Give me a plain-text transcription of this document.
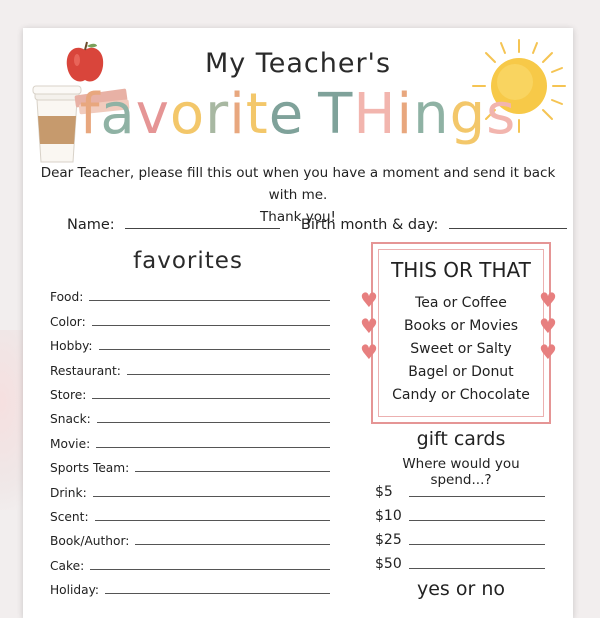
My Teacher's
favorite THings
Dear Teacher, please fill this out when you have a moment and send it back with me.
Thank you!
Name:	Birth month & day:
favorites
Food:
Color:
Hobby:
Restaurant:
Store:
Snack:
Movie:
Sports Team:
Drink:
Scent:
Book/Author:
Cake:
Holiday:
THIS OR THAT
Tea or Coffee
Books or Movies
Sweet or Salty
Bagel or Donut
Candy or Chocolate
♥
♥
♥
♥
♥
♥
gift cards
Where would you spend...?
$5
$10
$25
$50
yes or no
